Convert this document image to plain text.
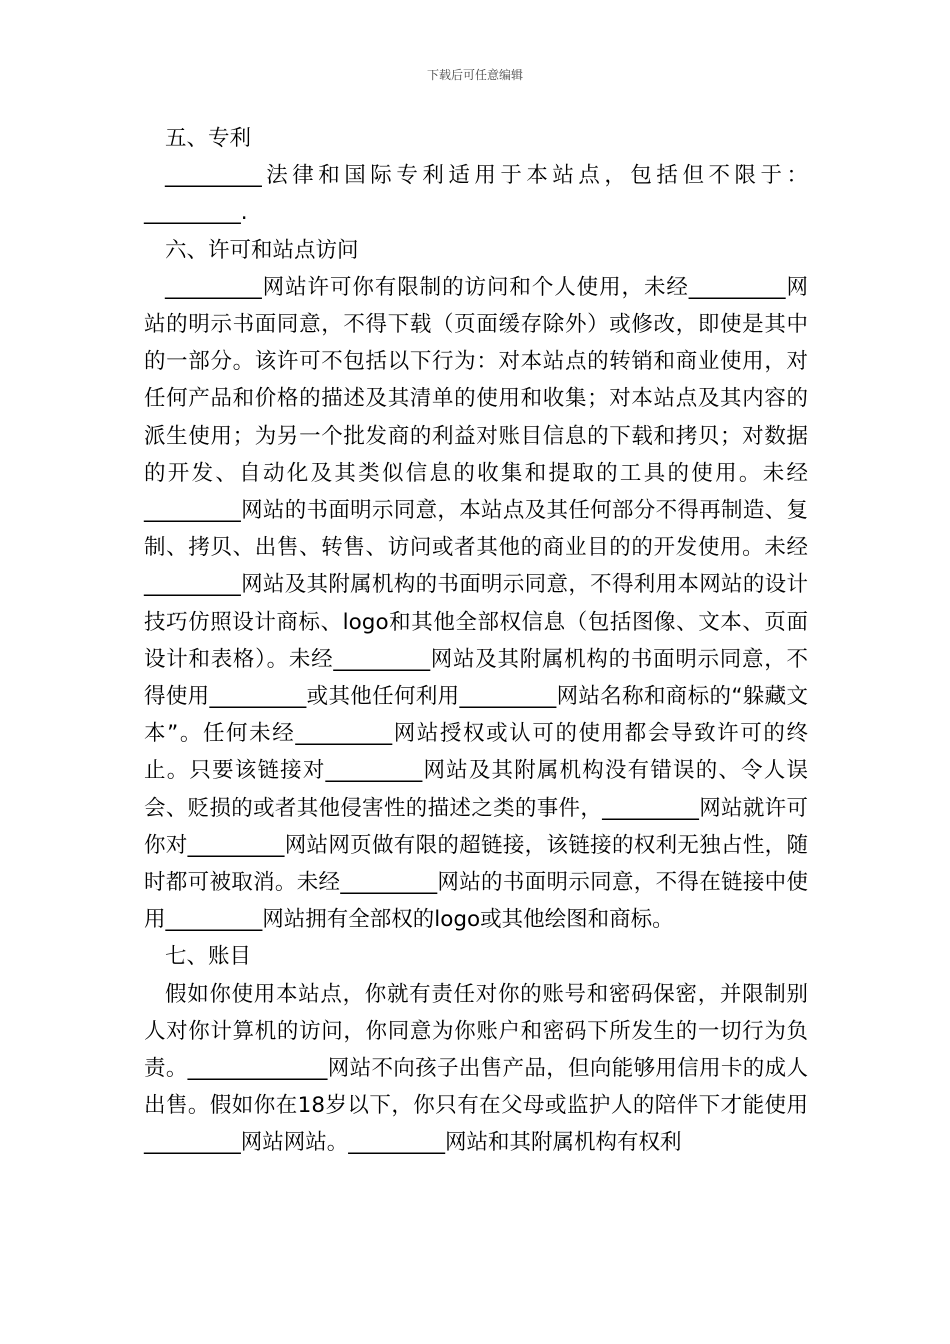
下载后可任意编辑

五、专利

_________法律和国际专利适用于本站点，包括但不限于：_________.

六、许可和站点访问

_________网站许可你有限制的访问和个人使用，未经_________网站的明示书面同意，不得下载（页面缓存除外）或修改，即使是其中的一部分。该许可不包括以下行为：对本站点的转销和商业使用，对任何产品和价格的描述及其清单的使用和收集；对本站点及其内容的派生使用；为另一个批发商的利益对账目信息的下载和拷贝；对数据的开发、自动化及其类似信息的收集和提取的工具的使用。未经_________网站的书面明示同意，本站点及其任何部分不得再制造、复制、拷贝、出售、转售、访问或者其他的商业目的的开发使用。未经_________网站及其附属机构的书面明示同意，不得利用本网站的设计技巧仿照设计商标、logo和其他全部权信息（包括图像、文本、页面设计和表格）。未经_________网站及其附属机构的书面明示同意，不得使用_________或其他任何利用_________网站名称和商标的“躲藏文本”。任何未经_________网站授权或认可的使用都会导致许可的终止。只要该链接对_________网站及其附属机构没有错误的、令人误会、贬损的或者其他侵害性的描述之类的事件，_________网站就许可你对_________网站网页做有限的超链接，该链接的权利无独占性，随时都可被取消。未经_________网站的书面明示同意，不得在链接中使用_________网站拥有全部权的logo或其他绘图和商标。

七、账目

假如你使用本站点，你就有责任对你的账号和密码保密，并限制别人对你计算机的访问，你同意为你账户和密码下所发生的一切行为负责。_____________网站不向孩子出售产品，但向能够用信用卡的成人出售。假如你在18岁以下，你只有在父母或监护人的陪伴下才能使用_________网站网站。_________网站和其附属机构有权利
